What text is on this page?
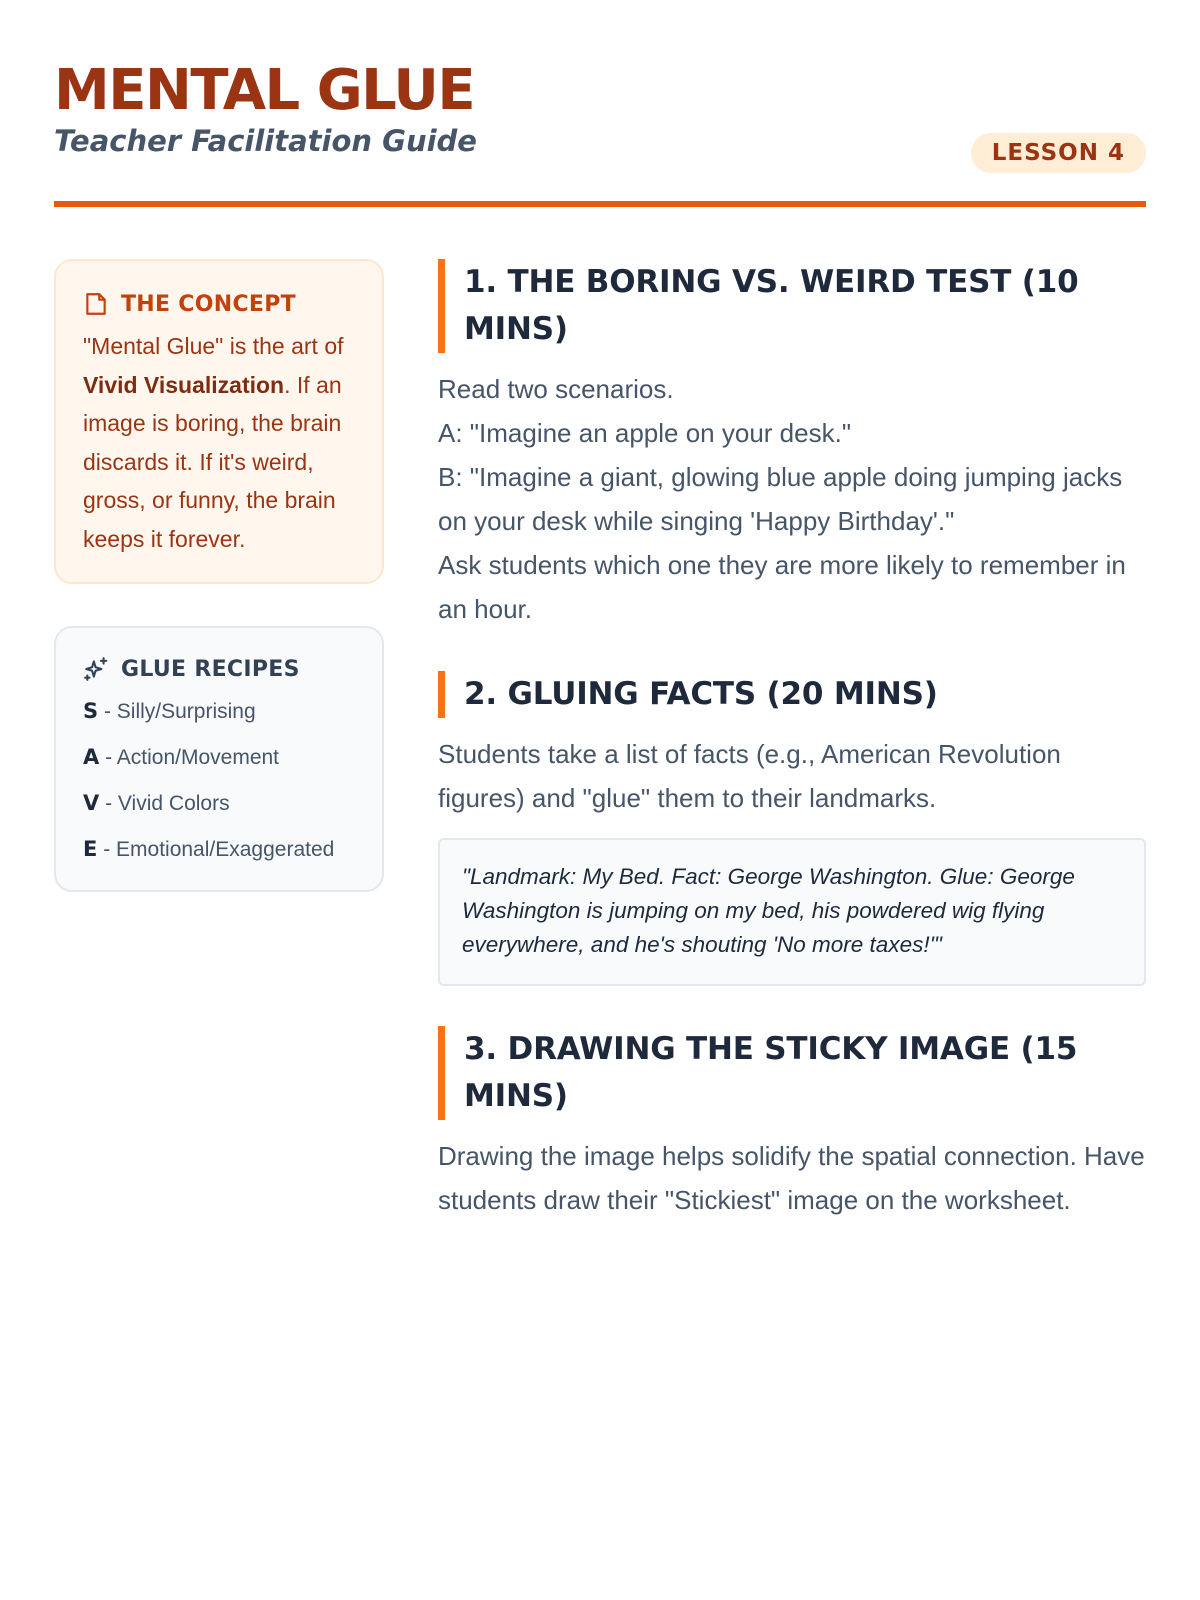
MENTAL GLUE
Teacher Facilitation Guide	LESSON 4
THE CONCEPT
"Mental Glue" is the art of Vivid Visualization. If an image is boring, the brain discards it. If it's weird, gross, or funny, the brain keeps it forever.
GLUE RECIPES
S - Silly/Surprising
A - Action/Movement
V - Vivid Colors
E - Emotional/Exaggerated
1. THE BORING VS. WEIRD TEST (10 MINS)

Read two scenarios.

A: "Imagine an apple on your desk."

B: "Imagine a giant, glowing blue apple doing jumping jacks on your desk while singing 'Happy Birthday'."

Ask students which one they are more likely to remember in an hour.

2. GLUING FACTS (20 MINS)

Students take a list of facts (e.g., American Revolution figures) and "glue" them to their landmarks.

"Landmark: My Bed. Fact: George Washington. Glue: George Washington is jumping on my bed, his powdered wig flying everywhere, and he's shouting 'No more taxes!'"
3. DRAWING THE STICKY IMAGE (15 MINS)

Drawing the image helps solidify the spatial connection. Have students draw their "Stickiest" image on the worksheet.
